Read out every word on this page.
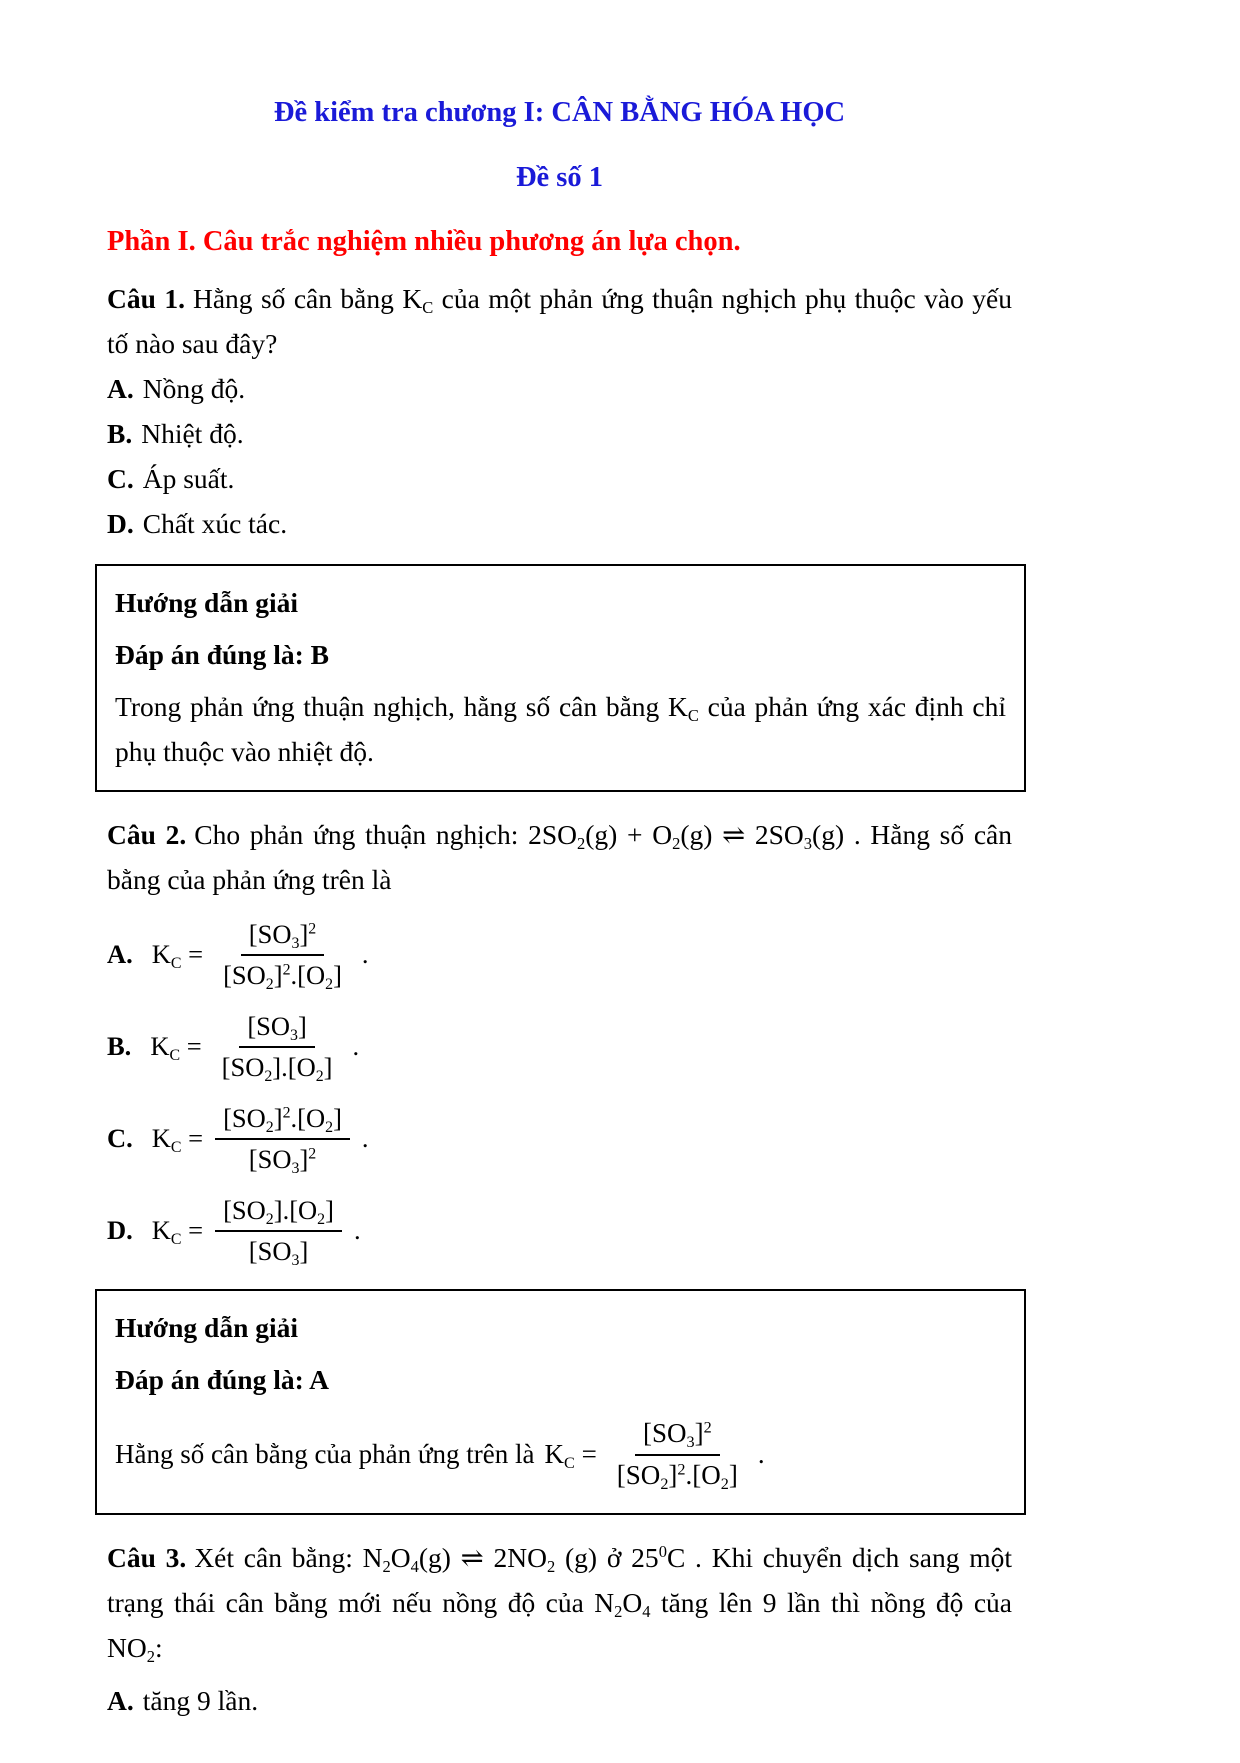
Đề kiểm tra chương I: CÂN BẰNG HÓA HỌC
Đề số 1
Phần I. Câu trắc nghiệm nhiều phương án lựa chọn.

Câu 1. Hằng số cân bằng $K_C$ của một phản ứng thuận nghịch phụ thuộc vào yếu tố nào sau đây?

A. Nồng độ.

B. Nhiệt độ.

C. Áp suất.

D. Chất xúc tác.

Hướng dẫn giải

Đáp án đúng là: B

Trong phản ứng thuận nghịch, hằng số cân bằng $K_C$ của phản ứng xác định chỉ phụ thuộc vào nhiệt độ.

Câu 2. Cho phản ứng thuận nghịch: $2SO_2(g) + O_2(g)$ ⇌ $2SO_3(g)$ . Hằng số cân bằng của phản ứng trên là

A. $K_C = \frac{[SO_3]^2}{[SO_2]^2.[O_2]}$ .
B. $K_C = \frac{[SO_3]}{[SO_2].[O_2]}$ .
C. $K_C = \frac{[SO_2]^2.[O_2]}{[SO_3]^2}$ .
D. $K_C = \frac{[SO_2].[O_2]}{[SO_3]}$ .

Hướng dẫn giải

Đáp án đúng là: A

Hằng số cân bằng của phản ứng trên là $K_C = \frac{[SO_3]^2}{[SO_2]^2.[O_2]}$ .

Câu 3. Xét cân bằng: $N_2O_4(g)$ ⇌ $2NO_2$ (g) ở $25^0C$ . Khi chuyển dịch sang một trạng thái cân bằng mới nếu nồng độ của $N_2O_4$ tăng lên 9 lần thì nồng độ của $NO_2$:

A. tăng 9 lần.
